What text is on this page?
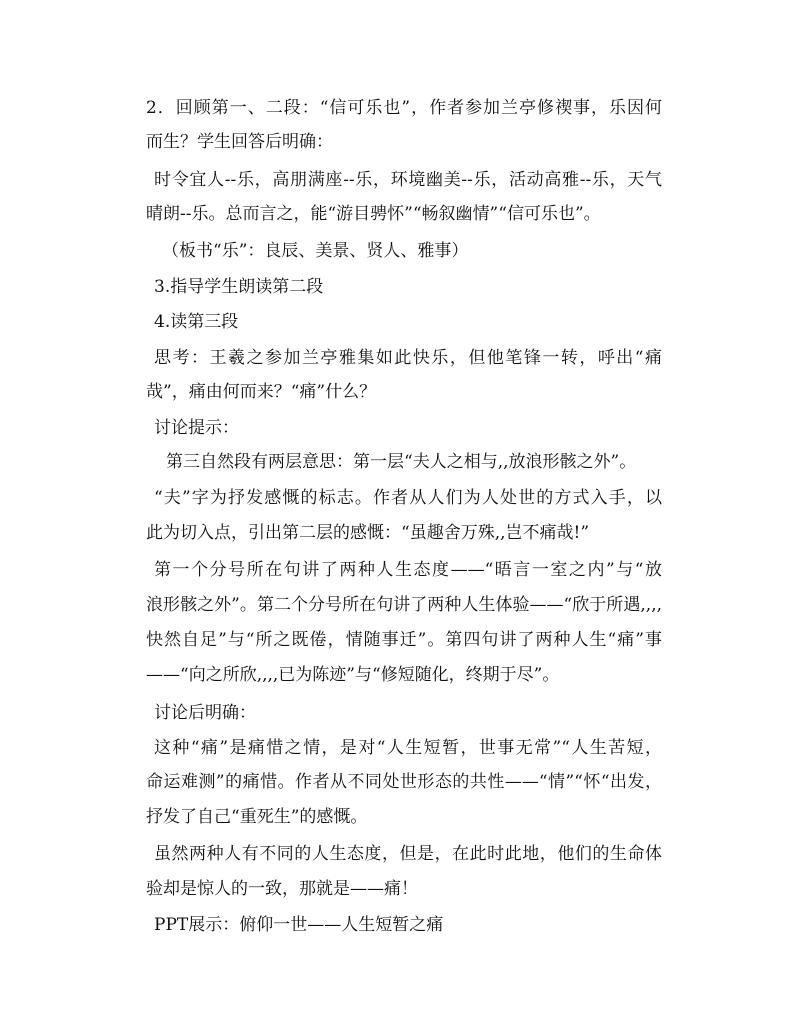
2．回顾第一、二段：“信可乐也”，作者参加兰亭修禊事，乐因何
而生？学生回答后明确：
时令宜人--乐，高朋满座--乐，环境幽美--乐，活动高雅--乐，天气
晴朗--乐。总而言之，能“游目骋怀”“畅叙幽情”“信可乐也”。
（板书“乐”：良辰、美景、贤人、雅事）
3.指导学生朗读第二段
4.读第三段
思考：王羲之参加兰亭雅集如此快乐，但他笔锋一转，呼出“痛
哉”，痛由何而来？“痛”什么？
讨论提示：
第三自然段有两层意思：第一层“夫人之相与,,放浪形骸之外”。
“夫”字为抒发感慨的标志。作者从人们为人处世的方式入手，以
此为切入点，引出第二层的感慨：“虽趣舍万殊,,岂不痛哉!”
第一个分号所在句讲了两种人生态度——“晤言一室之内”与“放
浪形骸之外”。第二个分号所在句讲了两种人生体验——“欣于所遇,,,,
快然自足”与“所之既倦，情随事迁”。第四句讲了两种人生“痛”事
——“向之所欣,,,,已为陈迹”与“修短随化，终期于尽”。
讨论后明确：
这种“痛”是痛惜之情，是对“人生短暂，世事无常”“人生苦短，
命运难测”的痛惜。作者从不同处世形态的共性——“情”“怀“出发，
抒发了自己“重死生”的感慨。
虽然两种人有不同的人生态度，但是，在此时此地，他们的生命体
验却是惊人的一致，那就是——痛！
PPT展示：俯仰一世——人生短暂之痛
